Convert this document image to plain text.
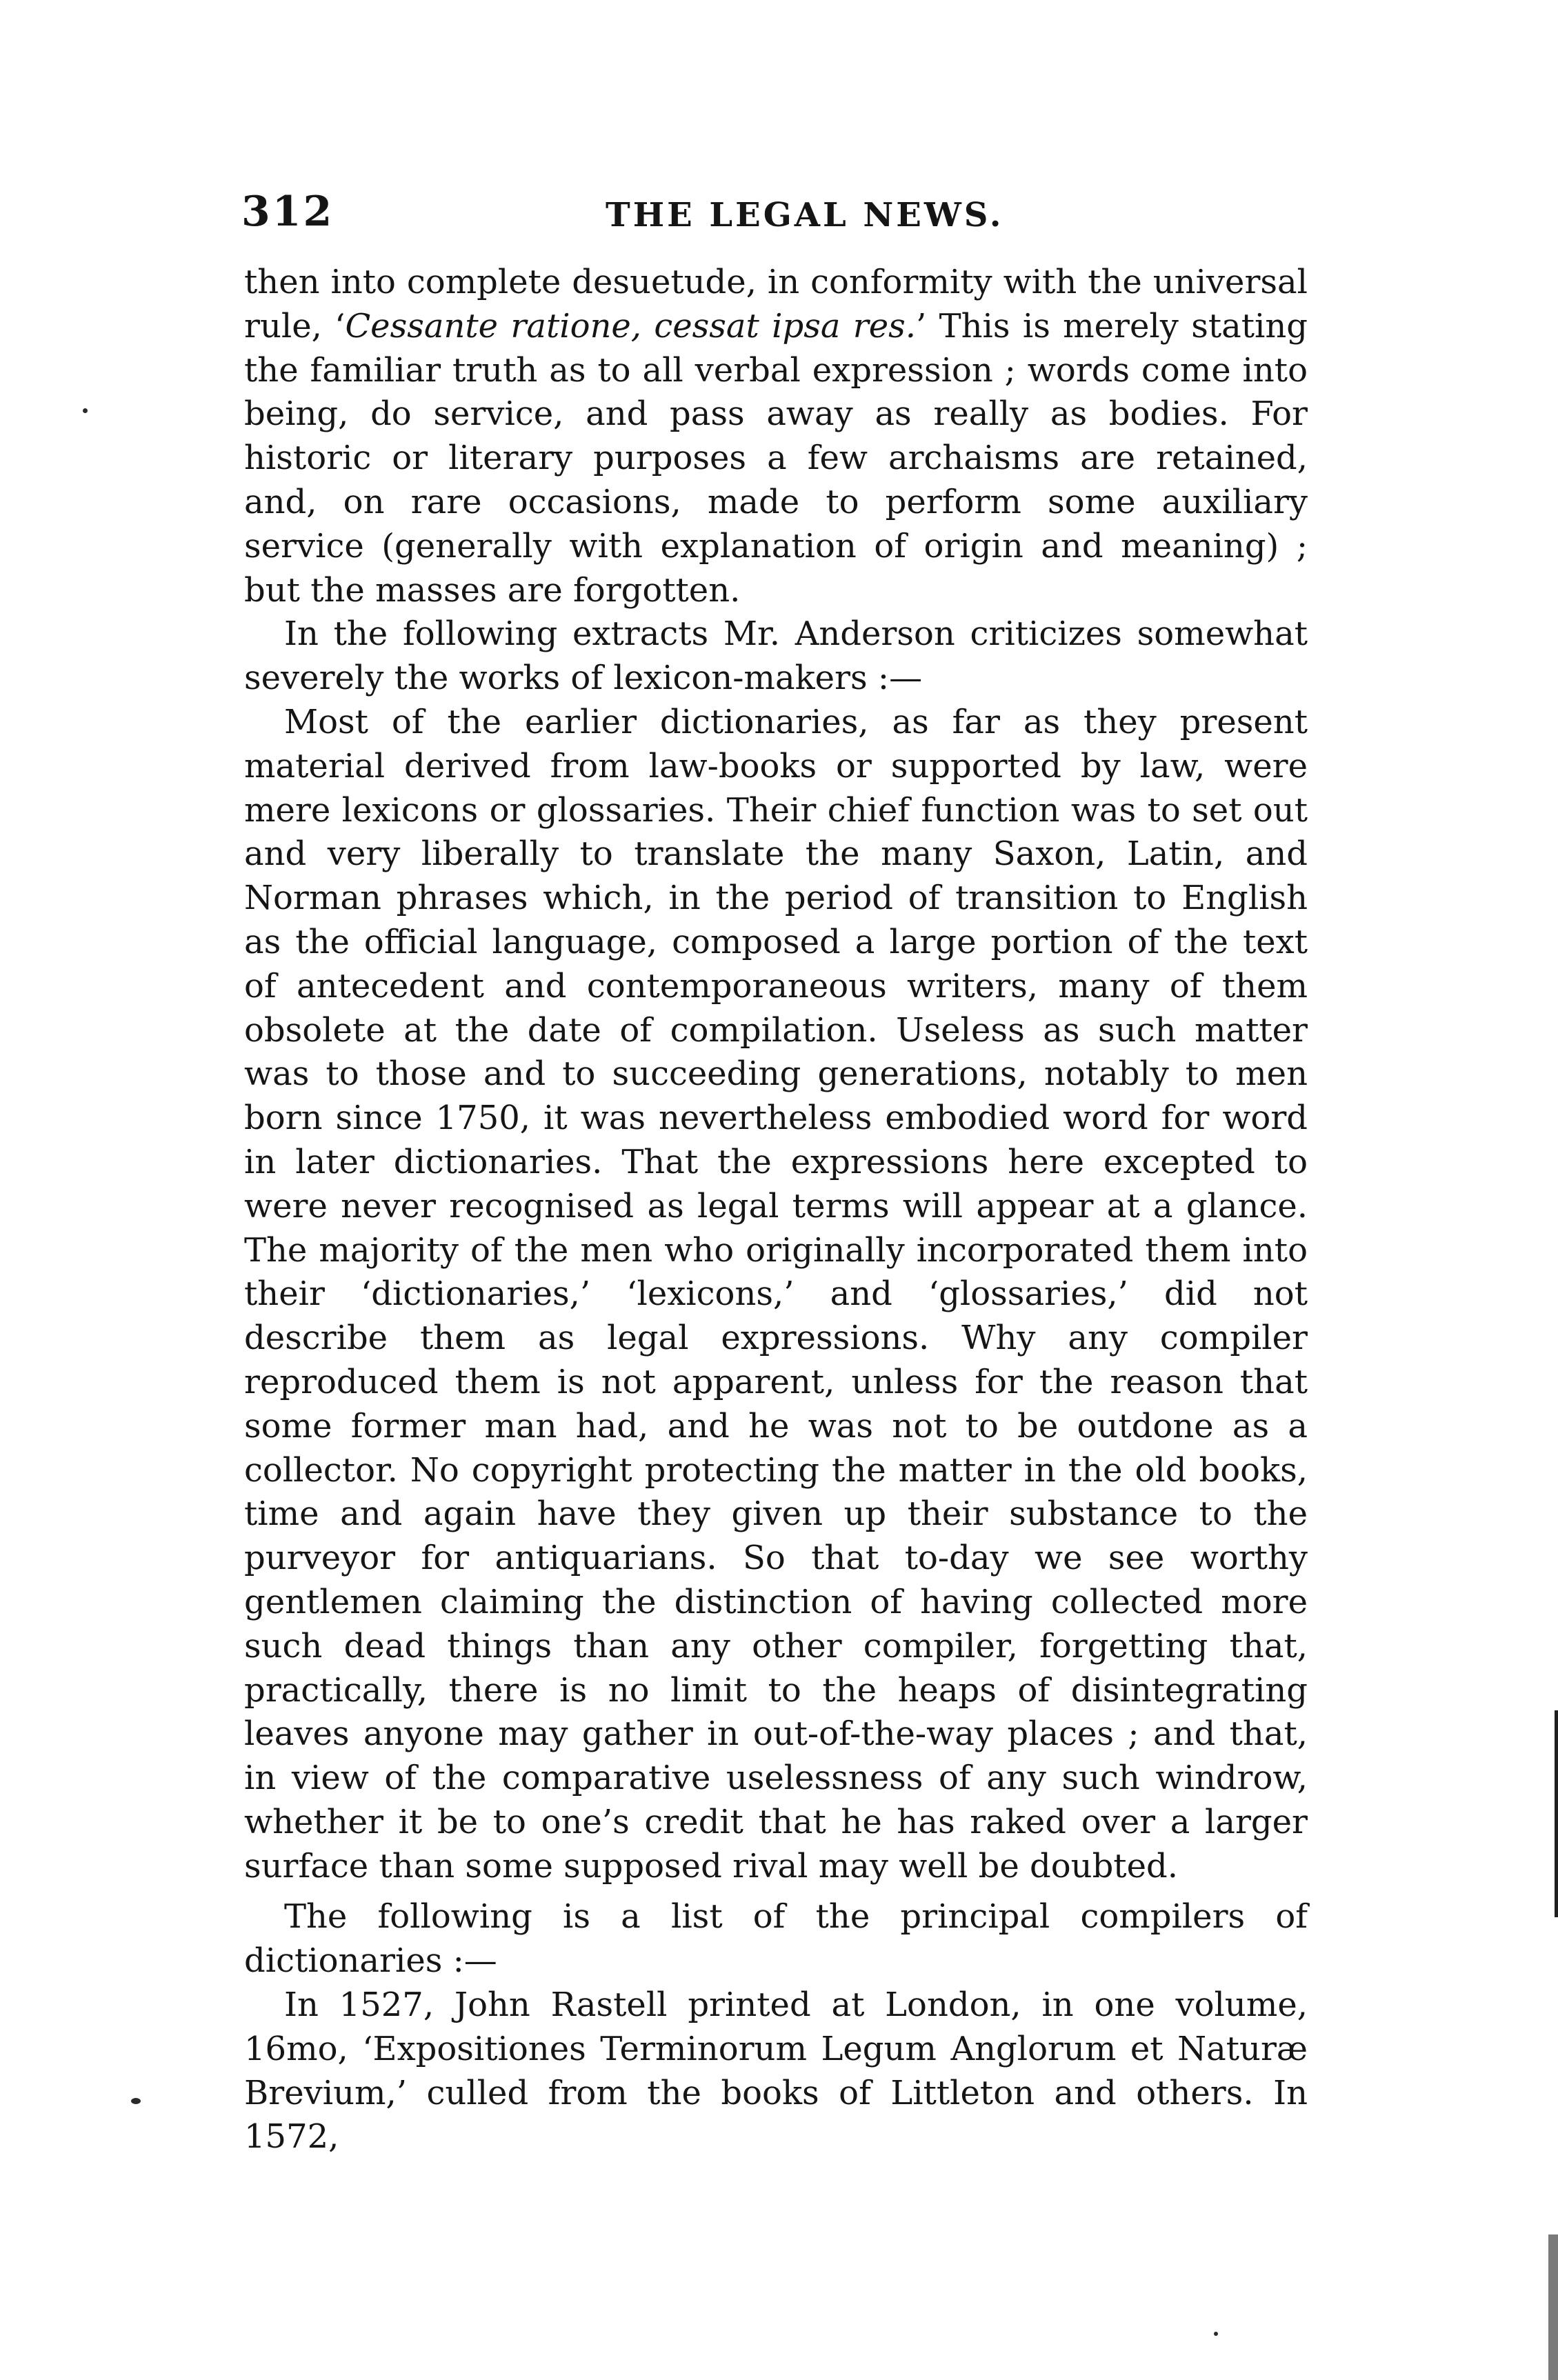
312	THE LEGAL NEWS.

then into complete desuetude, in conformity with the universal rule, ‘Cessante ratione, cessat ipsa res.’ This is merely stating the familiar truth as to all verbal expression ; words come into being, do service, and pass away as really as bodies. For historic or literary purposes a few archaisms are retained, and, on rare occasions, made to perform some auxiliary service (generally with explanation of origin and meaning) ; but the masses are forgotten.

In the following extracts Mr. Anderson criticizes somewhat severely the works of lexicon-makers :—

Most of the earlier dictionaries, as far as they present material derived from law-books or supported by law, were mere lexicons or glossaries. Their chief function was to set out and very liberally to translate the many Saxon, Latin, and Norman phrases which, in the period of transition to English as the official language, composed a large portion of the text of antecedent and contemporaneous writers, many of them obsolete at the date of compilation. Useless as such matter was to those and to succeeding generations, notably to men born since 1750, it was nevertheless embodied word for word in later dictionaries. That the expressions here excepted to were never recognised as legal terms will appear at a glance. The majority of the men who originally incorporated them into their ‘dictionaries,’ ‘lexicons,’ and ‘glossaries,’ did not describe them as legal expressions. Why any compiler reproduced them is not apparent, unless for the reason that some former man had, and he was not to be outdone as a collector. No copyright protecting the matter in the old books, time and again have they given up their substance to the purveyor for antiquarians. So that to-day we see worthy gentlemen claiming the distinction of having collected more such dead things than any other compiler, forgetting that, practically, there is no limit to the heaps of disintegrating leaves anyone may gather in out-of-the-way places ; and that, in view of the comparative uselessness of any such windrow, whether it be to one’s credit that he has raked over a larger surface than some supposed rival may well be doubted.

The following is a list of the principal compilers of dictionaries :—

In 1527, John Rastell printed at London, in one volume, 16mo, ‘Expositiones Terminorum Legum Anglorum et Naturæ Brevium,’ culled from the books of Littleton and others. In 1572,
